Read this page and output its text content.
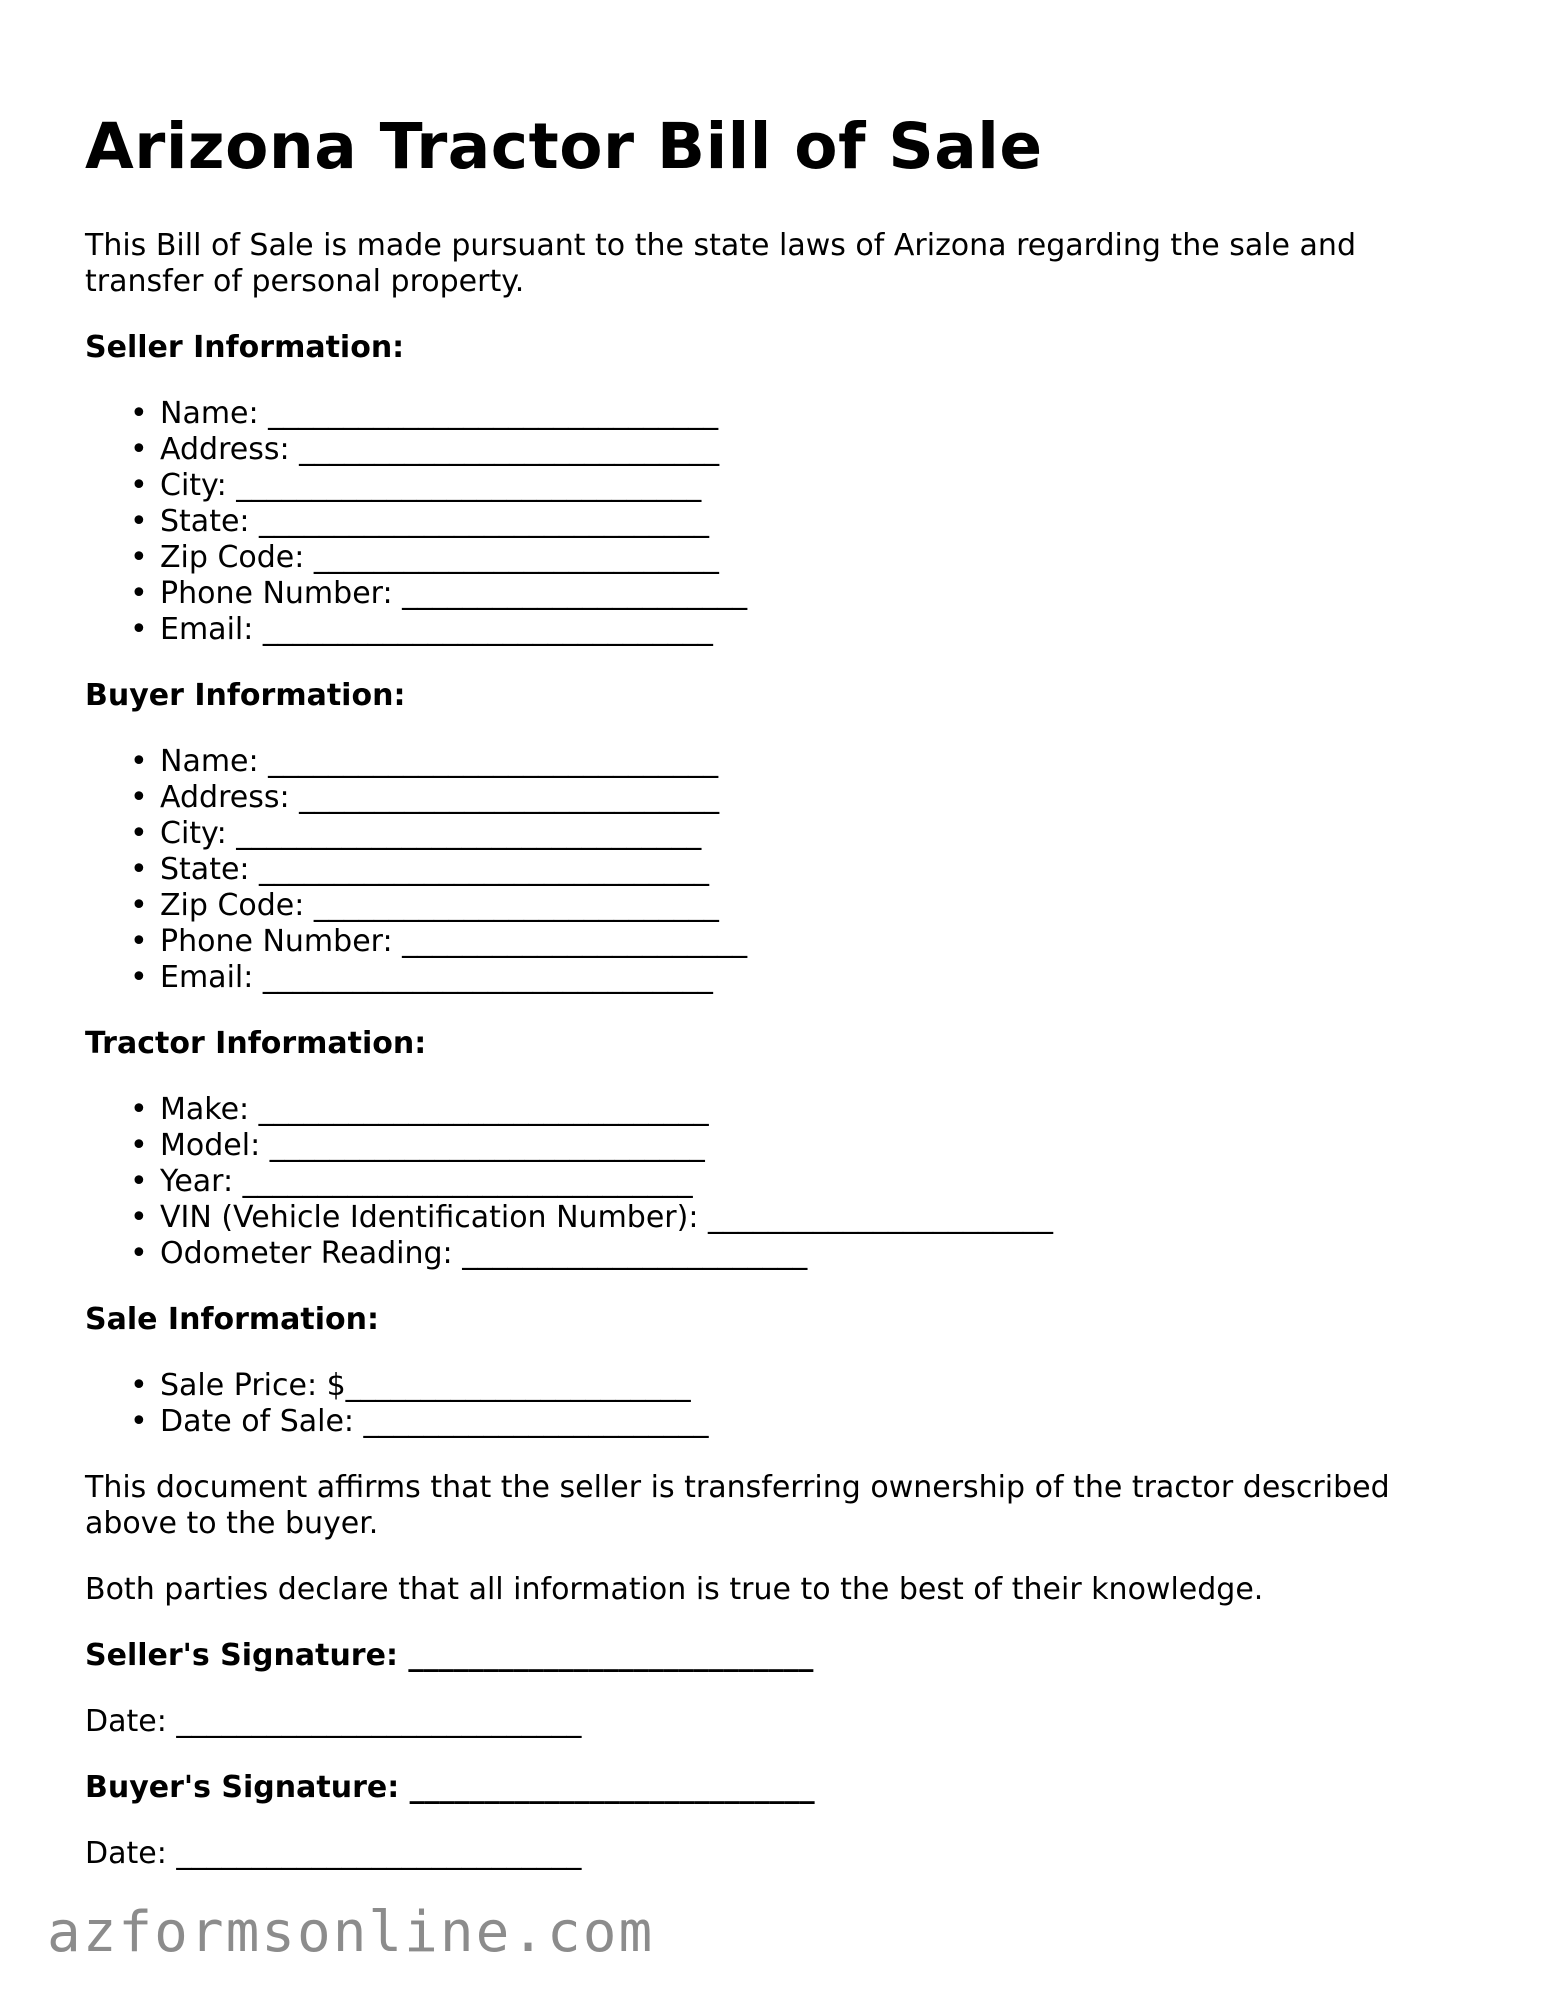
Arizona Tractor Bill of Sale

This Bill of Sale is made pursuant to the state laws of Arizona regarding the sale and transfer of personal property.

Seller Information:
• Name: ______________________________
• Address: ____________________________
• City: _______________________________
• State: ______________________________
• Zip Code: ___________________________
• Phone Number: _______________________
• Email: ______________________________
Buyer Information:
• Name: ______________________________
• Address: ____________________________
• City: _______________________________
• State: ______________________________
• Zip Code: ___________________________
• Phone Number: _______________________
• Email: ______________________________
Tractor Information:
• Make: ______________________________
• Model: _____________________________
• Year: ______________________________
• VIN (Vehicle Identification Number): _______________________
• Odometer Reading: _______________________
Sale Information:
• Sale Price: $_______________________
• Date of Sale: _______________________

This document affirms that the seller is transferring ownership of the tractor described above to the buyer.

Both parties declare that all information is true to the best of their knowledge.

Seller's Signature: ___________________________
Date: ___________________________
Buyer's Signature: ___________________________
Date: ___________________________
azformsonline.com
